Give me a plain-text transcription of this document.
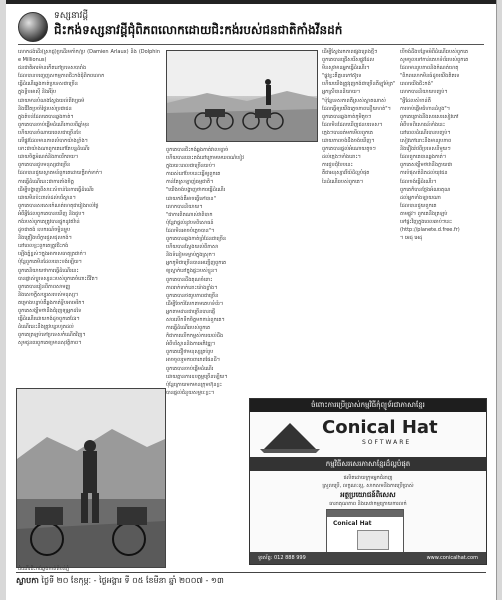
ទស្សនាវដ្ដី
ជិះកង់ទស្សនាវដ្ដីជុំពិភពលោកដោយជិះកង់របស់ជនជាតិកាំងវីនដក់
លោកដង់ដើរ(ស្រាជ្ញ)ប្រដើរមកាំក/ប្រ (Damien Arlaux) និង (Dolphine Millionus)
ជនជាតិអារម៉ានកើតនៅប្រទេសបារាំង
ដែលបានបញ្ចេញសកម្មភាពជិះកង់ជុំពិភពលោក
ធ្វើដំណើរឆ្លងកាត់ប្រទេសជាច្រើន
ក្នុងទ្វីបអាស៊ី និងអឺរ៉ុប
ដោយមានបំណងស្វែងយល់ពីវប្បធម៌
និងជីវិតប្រចាំថ្ងៃរបស់ប្រជាជន
ក្នុងតំបន់ដែលគេបានឆ្លងកាត់។
ពួកគេបានចាប់ផ្តើមដំណើរកាលពីឆ្នាំមុន
ហើយបានចំណាយពេលជាច្រើនខែ
លើផ្លូវដែលមានភាពលំបាកយ៉ាងខ្លាំង។
ទោះជាយ៉ាងណាពួកគេនៅតែបន្តដំណើរ
ដោយចិត្តអំណត់និងភាពរីករាយ។
ពួកគេបានជួបមនុស្សជាច្រើន
ដែលបានជួយស្វាគមន៍ពួកគេដោយក្តីរាក់ទាក់។
ការធ្វើដំណើរនេះជាការតាំងចិត្ត
ដើម្បីបង្ហាញពីសារៈសំខាន់នៃការធ្វើដំណើរ
ដោយមិនប៉ះពាល់ដល់បរិស្ថាន។
ពួកគេបានសរសេរកំណត់ហេតុជារៀងរាល់ថ្ងៃ
អំពីអ្វីដែលពួកគេបានឃើញ និងជួប។
កង់របស់ពួកគេត្រូវបានផ្ទុកនូវឥវ៉ាន់
ដូចជាតង់ ឧបករណ៍ចម្អិនម្ហូប
និងគ្រឿងបរិក្ខារជួសជុលកង់។
នៅពេលខ្លះពួកគេត្រូវជិះកង់
ឡើងភ្នំខ្ពស់ៗក្នុងអាកាសធាតុត្រជាក់។
ប៉ុន្តែពួកគេមិនដែលបោះបង់ឡើយ។
ពួកគេនិយាយថាការធ្វើដំណើរនេះ
បានផ្លាស់ប្តូរទស្សនៈរបស់ពួកគេចំពោះជីវិត។
ពួកគេបានរៀនពីភាពសាមញ្ញ
និងសេចក្តីសប្បុរសរបស់មនុស្ស។
គម្រោងបន្ទាប់គឺឆ្លងកាត់ទ្វីបអាមេរិក។
ពួកគេសង្ឃឹមថានឹងជំរុញឲ្យអ្នកដទៃ
ធ្វើដំណើរដោយកង់ដូចពួកគេដែរ។
ដំណើរនេះនឹងត្រូវបន្តរហូតដល់
ពួកគេត្រឡប់ទៅប្រទេសកំណើតវិញ។
សូមជូនពរពួកគេឲ្យមានសុវត្ថិភាព។
ពួកគេបានជិះកង់ឆ្លងកាត់វាលខ្សាច់
ហើយបានបោះតង់នៅក្រោមមេឃពណ៌ខៀវ
ក្នុងរយៈពេលជាច្រើនយប់។
ការរស់នៅបែបនេះធ្វើឲ្យពួកគេ
កាន់តែស្រឡាញ់ធម្មជាតិ។
"យើងចង់បង្ហាញថាការធ្វើដំណើរ
ដោយកង់គឺអាចធ្វើទៅបាន"
លោកបាននិយាយ។
"ជាការពិតណាស់វាពិបាក
ប៉ុន្តែវាផ្តល់នូវបទពិសោធន៍
ដែលមិនអាចបំភ្លេចបាន"។
ពួកគេបានឆ្លងកាត់ព្រំដែនជាច្រើន
ហើយបានស្វែងយល់ពីភាសា
និងទំនៀមទម្លាប់ក្នុងស្រុក។
អ្នកភូមិជាច្រើនបានអញ្ជើញពួកគេ
ឲ្យស្នាក់នៅក្នុងផ្ទះរបស់ខ្លួន។
ពួកគេបានដឹងគុណចំពោះ
ភាពរាក់ទាក់នោះយ៉ាងខ្លាំង។
ពួកគេបានថតរូបភាពជាច្រើន
ដើម្បីចែករំលែកតាមគេហទំព័រ។
អ្នកតាមដានជាច្រើនបានផ្ញើ
សារលើកទឹកចិត្តមកកាន់ពួកគេ។
ការធ្វើដំណើររបស់ពួកគេ
ក៏ជាការលើកកម្ពស់ការយល់ដឹង
អំពីបរិស្ថាននិងការអភិវឌ្ឍ។
ពួកគេជឿថាមនុស្សគ្រប់រូប
អាចចូលរួមការពារភពផែនដី។
ពួកគេបានចាប់ផ្តើមដំណើរ
ដោយគ្មានការឧបត្ថម្ភច្រើនឡើយ។
ប៉ុន្តែក្រោយមកមានក្រុមហ៊ុនខ្លះ
បានផ្តល់ជំនួយសម្ភារៈខ្លះ។
ដើម្បីស្វែងរកភាពផ្សងព្រេងថ្មីៗ
ពួកគេបានជ្រើសរើសផ្លូវដែល
មិនសូវមានអ្នកធ្វើដំណើរ។
"ផ្លូវខ្លះគឺគ្មានកៅស៊ូទេ
ហើយយើងត្រូវរុញកង់ជាច្រើនគីឡូម៉ែត្រ"
អ្នកស្រីបាននិយាយ។
"ប៉ុន្តែទេសភាពគឺស្រស់ស្អាតណាស់
ដែលធ្វើឲ្យយើងភ្លេចភាពនឿយហត់"។
ពួកគេបានឆ្លងកាត់ភូមិតូចៗ
ដែលមិនដែលឃើញជនបរទេស។
ក្មេងៗបានរត់មកមើលពួកគេ
ដោយភាពចង់ដឹងចង់ឃើញ។
ពួកគេបានផ្តល់អំណោយតូចៗ
ដល់ក្មេងៗទាំងនោះ។
ការជួបជុំបែបនេះ
គឺជាអនុស្សាវរីយ៍ដ៏ល្អបំផុត
នៃដំណើររបស់ពួកគេ។
បើចង់ដឹងបន្ថែមអំពីដំណើររបស់ពួកគេ
សូមចូលទៅកាន់គេហទំព័ររបស់ពួកគេ
ដែលមានរូបភាពនិងកំណត់ហេតុ
"ពិភពលោកមិនធំដូចយើងគិតទេ
ពេលយើងជិះកង់"
លោកបាននិយាយបញ្ចប់។
"អ្វីដែលសំខាន់គឺ
ការចាប់ផ្តើមជំហានដំបូង"។
ពួកគេគ្រោងនឹងសរសេរសៀវភៅ
អំពីបទពិសោធន៍ទាំងនេះ
នៅពេលដំណើរបានបញ្ចប់។
សៀវភៅនោះនឹងមានរូបភាព
និងរឿងរ៉ាវពីប្រទេសនីមួយៗ
ដែលពួកគេបានឆ្លងកាត់។
ពួកគេសង្ឃឹមថាវានឹងក្លាយជា
ការបំផុសគំនិតដល់យុវជន
ដែលចង់ធ្វើដំណើរ។
ពួកគេក៏បានថ្លែងអំណរគុណ
ដល់អ្នកទាំងឡាយណា
ដែលបានជួយពួកគេ
តាមផ្លូវ។ ពួកគេនឹងត្រឡប់
ទៅផ្ទះវិញក្នុងពេលឆាប់ៗនេះ
(http://planete.d.free.fr)
។ អេដុ អេដុ
ដំណើរជិះកង់ឆ្លងកាត់តំបន់ភ្នំ
ចំពោះការប្រើប្រាស់កម្មវិធីកុំព្យូទ័រជាភាសាខ្មែរ
Conical Hat
SOFTWARE
កម្មវិធីសរសេរភាសាខ្មែរដ៏ល្អបំផុត
ផលិតដោយក្រុមអ្នកជំនាញ
ស្រួលប្រើ, លក្ខណៈល្អ, សាកសមនឹងការប្រើប្រាស់
អត្ថប្រយោជន៍ពិសេស
ធានាគុណភាព និងសេវាកម្មក្រោយការលក់
Conical Hat
ទូរស័ព្ទ: 012 888 999	www.conicalhat.com
ស្លាបកា ថ្ងៃទី ២០ ខែកុម្ភៈ - ថ្ងៃអង្គារ ទី ០៥ ខែមីនា ឆ្នាំ ២០០៧ - ១៣
